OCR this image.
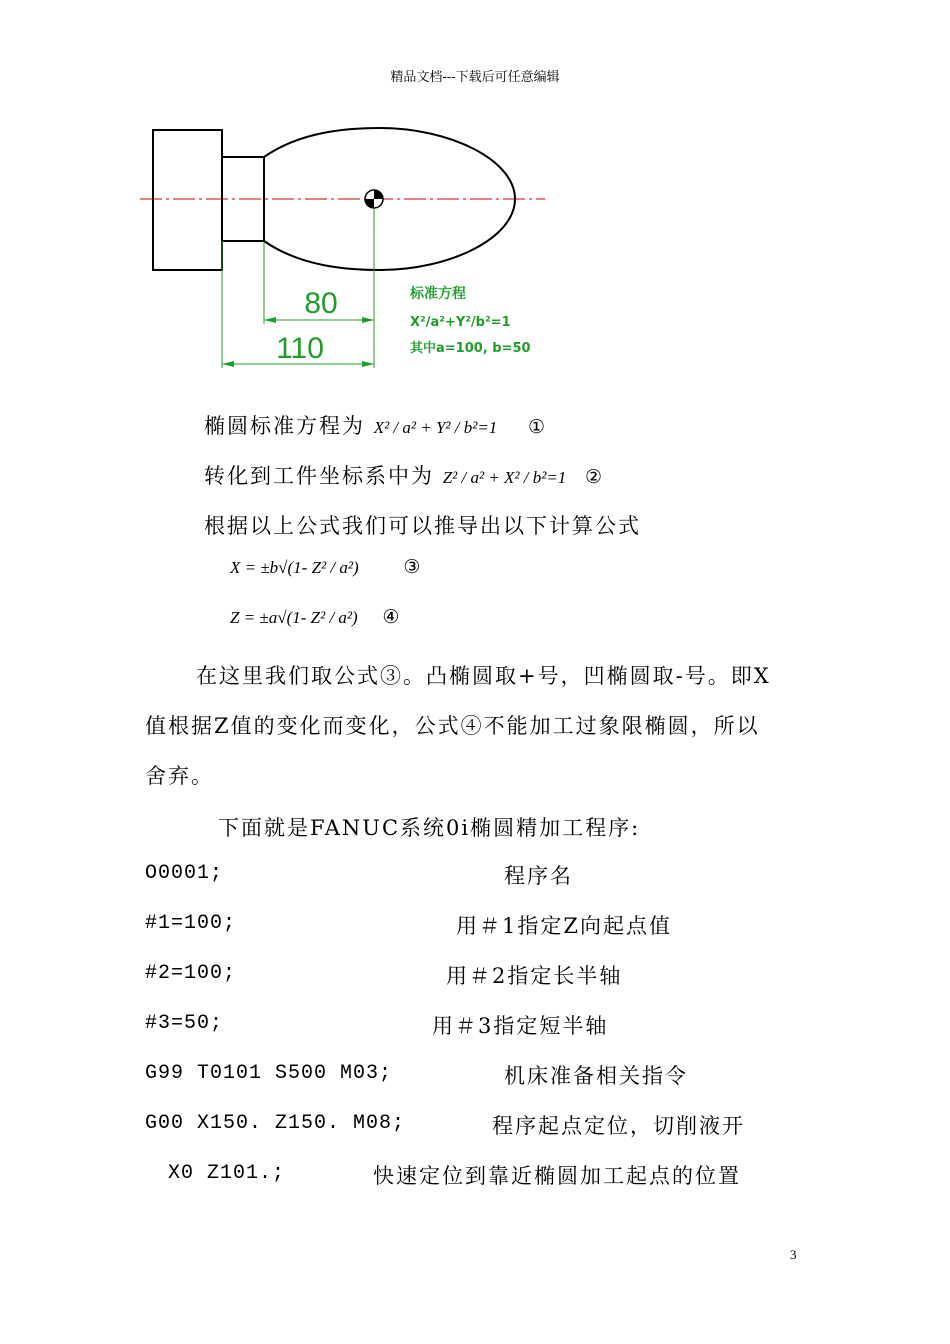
精品文档---下载后可任意编辑
80
110
标准方程
X²/a²+Y²/b²=1
其中a=100, b=50
椭圆标准方程为 X² / a² + Y² / b²=1 ①
转化到工件坐标系中为 Z² / a² + X² / b²=1 ②
根据以上公式我们可以推导出以下计算公式
X = ±b√(1- Z² / a²) ③
Z = ±a√(1- Z² / a²) ④
在这里我们取公式③。凸椭圆取+号，凹椭圆取-号。即X
值根据Z值的变化而变化，公式④不能加工过象限椭圆，所以
舍弃。
下面就是FANUC系统0i椭圆精加工程序:
O0001;	程序名
#1=100;	用＃1指定Z向起点值
#2=100;	用＃2指定长半轴
#3=50;	用＃3指定短半轴
G99 T0101 S500 M03;	机床准备相关指令
G00 X150. Z150. M08;	程序起点定位，切削液开
X0 Z101.;	快速定位到靠近椭圆加工起点的位置
3
